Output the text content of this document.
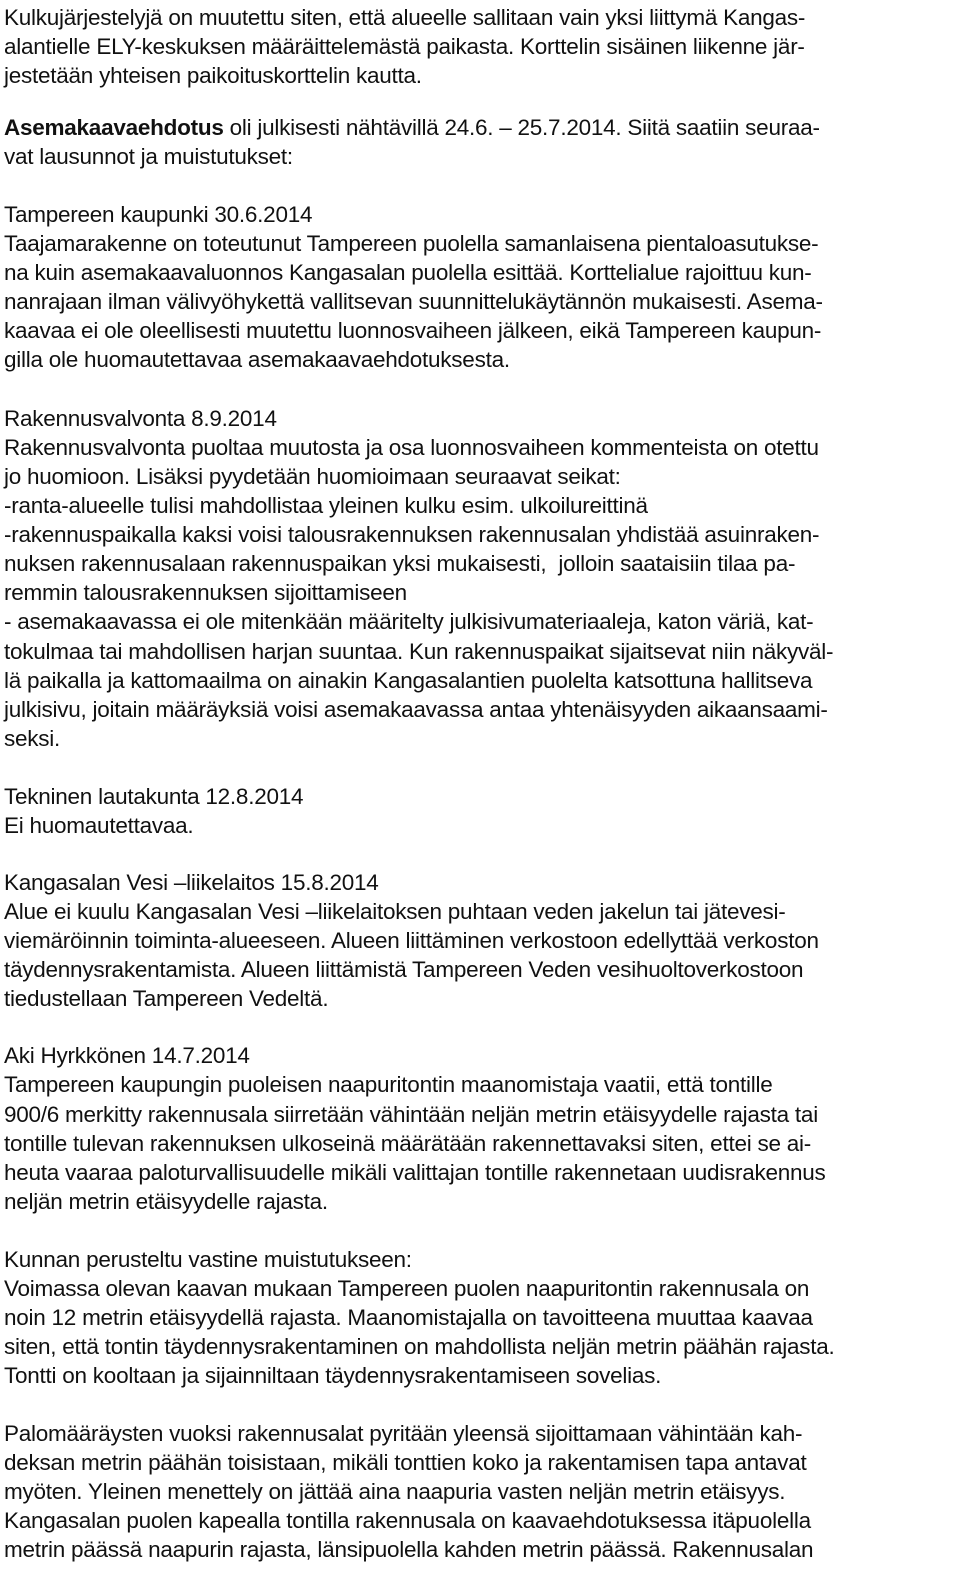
Kulkujärjestelyjä on muutettu siten, että alueelle sallitaan vain yksi liittymä Kangas-
alantielle ELY-keskuksen määräittelemästä paikasta. Korttelin sisäinen liikenne jär-
jestetään yhteisen paikoituskorttelin kautta.
Asemakaavaehdotus oli julkisesti nähtävillä 24.6. – 25.7.2014. Siitä saatiin seuraa-
vat lausunnot ja muistutukset:
Tampereen kaupunki 30.6.2014
Taajamarakenne on toteutunut Tampereen puolella samanlaisena pientaloasutukse-
na kuin asemakaavaluonnos Kangasalan puolella esittää. Korttelialue rajoittuu kun-
nanrajaan ilman välivyöhykettä vallitsevan suunnittelukäytännön mukaisesti. Asema-
kaavaa ei ole oleellisesti muutettu luonnosvaiheen jälkeen, eikä Tampereen kaupun-
gilla ole huomautettavaa asemakaavaehdotuksesta.
Rakennusvalvonta 8.9.2014
Rakennusvalvonta puoltaa muutosta ja osa luonnosvaiheen kommenteista on otettu
jo huomioon. Lisäksi pyydetään huomioimaan seuraavat seikat:
-ranta-alueelle tulisi mahdollistaa yleinen kulku esim. ulkoilureittinä
-rakennuspaikalla kaksi voisi talousrakennuksen rakennusalan yhdistää asuinraken-
nuksen rakennusalaan rakennuspaikan yksi mukaisesti,  jolloin saataisiin tilaa pa-
remmin talousrakennuksen sijoittamiseen
- asemakaavassa ei ole mitenkään määritelty julkisivumateriaaleja, katon väriä, kat-
tokulmaa tai mahdollisen harjan suuntaa. Kun rakennuspaikat sijaitsevat niin näkyväl-
lä paikalla ja kattomaailma on ainakin Kangasalantien puolelta katsottuna hallitseva
julkisivu, joitain määräyksiä voisi asemakaavassa antaa yhtenäisyyden aikaansaami-
seksi.
Tekninen lautakunta 12.8.2014
Ei huomautettavaa.
Kangasalan Vesi –liikelaitos 15.8.2014
Alue ei kuulu Kangasalan Vesi –liikelaitoksen puhtaan veden jakelun tai jätevesi-
viemäröinnin toiminta-alueeseen. Alueen liittäminen verkostoon edellyttää verkoston
täydennysrakentamista. Alueen liittämistä Tampereen Veden vesihuoltoverkostoon
tiedustellaan Tampereen Vedeltä.
Aki Hyrkkönen 14.7.2014
Tampereen kaupungin puoleisen naapuritontin maanomistaja vaatii, että tontille
900/6 merkitty rakennusala siirretään vähintään neljän metrin etäisyydelle rajasta tai
tontille tulevan rakennuksen ulkoseinä määrätään rakennettavaksi siten, ettei se ai-
heuta vaaraa paloturvallisuudelle mikäli valittajan tontille rakennetaan uudisrakennus
neljän metrin etäisyydelle rajasta.
Kunnan perusteltu vastine muistutukseen:
Voimassa olevan kaavan mukaan Tampereen puolen naapuritontin rakennusala on
noin 12 metrin etäisyydellä rajasta. Maanomistajalla on tavoitteena muuttaa kaavaa
siten, että tontin täydennysrakentaminen on mahdollista neljän metrin päähän rajasta.
Tontti on kooltaan ja sijainniltaan täydennysrakentamiseen sovelias.
Palomääräysten vuoksi rakennusalat pyritään yleensä sijoittamaan vähintään kah-
deksan metrin päähän toisistaan, mikäli tonttien koko ja rakentamisen tapa antavat
myöten. Yleinen menettely on jättää aina naapuria vasten neljän metrin etäisyys.
Kangasalan puolen kapealla tontilla rakennusala on kaavaehdotuksessa itäpuolella
metrin päässä naapurin rajasta, länsipuolella kahden metrin päässä. Rakennusalan
